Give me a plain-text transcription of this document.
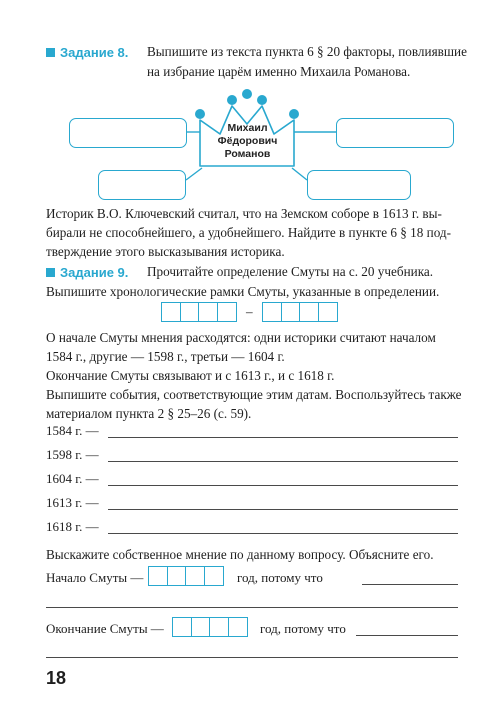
Задание 8. Выпишите из текста пункта 6 § 20 факторы, повлиявшие
на избрание царём именно Михаила Романова.
Михаил
Фёдорович
Романов
Историк В.О. Ключевский считал, что на Земском соборе в 1613 г. вы-
бирали не способнейшего, а удобнейшего. Найдите в пункте 6 § 18 под-
тверждение этого высказывания историка.
Задание 9. Прочитайте определение Смуты на с. 20 учебника.
Выпишите хронологические рамки Смуты, указанные в определении.
–
О начале Смуты мнения расходятся: одни историки считают началом
1584 г., другие — 1598 г., третьи — 1604 г.
Окончание Смуты связывают и с 1613 г., и с 1618 г.
Выпишите события, соответствующие этим датам. Воспользуйтесь также
материалом пункта 2 § 25–26 (с. 59).
1584 г. —
1598 г. —
1604 г. —
1613 г. —
1618 г. —
Выскажите собственное мнение по данному вопросу. Объясните его.
Начало Смуты —	год, потому что
Окончание Смуты —	год, потому что
18
